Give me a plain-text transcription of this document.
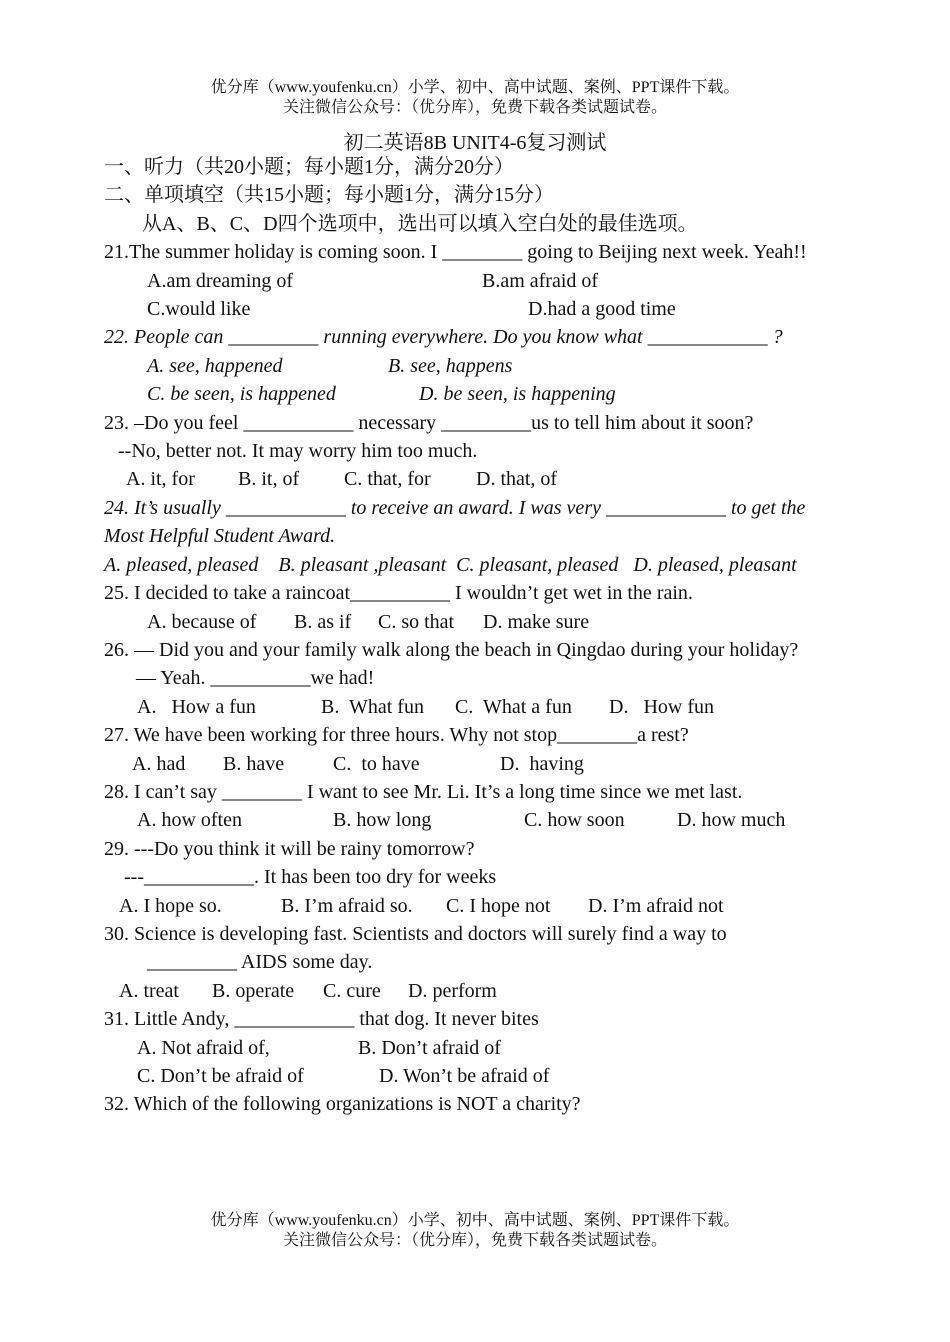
优分库（www.youfenku.cn）小学、初中、高中试题、案例、PPT课件下载。
关注微信公众号：（优分库），免费下载各类试题试卷。
初二英语8B UNIT4-6复习测试

一、听力（共20小题；每小题1分，满分20分）

二、单项填空（共15小题；每小题1分，满分15分）

从A、B、C、D四个选项中，选出可以填入空白处的最佳选项。

21.The summer holiday is coming soon. I ________ going to Beijing next week. Yeah!!

A.am dreaming of	B.am afraid of
C.would like	D.had a good time

22. People can _________ running everywhere. Do you know what ____________ ?

A. see, happened	B. see, happens
C. be seen, is happened	D. be seen, is happening

23. –Do you feel ___________ necessary _________us to tell him about it soon?

--No, better not. It may worry him too much.

A. it, for	B. it, of	C. that, for	D. that, of

24. It’s usually ____________ to receive an award. I was very ____________ to get the Most Helpful Student Award.

A. pleased, pleased    B. pleasant ,pleasant  C. pleasant, pleased   D. pleased, pleasant

25. I decided to take a raincoat__________ I wouldn’t get wet in the rain.

A. because of	B. as if	C. so that	D. make sure

26. — Did you and your family walk along the beach in Qingdao during your holiday?

— Yeah. __________we had!

A.   How a fun	B.  What fun	C.  What a fun	D.   How fun

27. We have been working for three hours. Why not stop________a rest?

A. had	B. have	C.  to have	D.  having

28. I can’t say ________ I want to see Mr. Li. It’s a long time since we met last.

A. how often	B. how long	C. how soon	D. how much

29. ---Do you think it will be rainy tomorrow?

---___________. It has been too dry for weeks

A. I hope so.	B. I’m afraid so.	C. I hope not	D. I’m afraid not

30. Science is developing fast. Scientists and doctors will surely find a way to

_________ AIDS some day.

A. treat	B. operate	C. cure	D. perform

31. Little Andy, ____________ that dog. It never bites

A. Not afraid of,	B. Don’t afraid of
C. Don’t be afraid of	D. Won’t be afraid of

32. Which of the following organizations is NOT a charity?

优分库（www.youfenku.cn）小学、初中、高中试题、案例、PPT课件下载。
关注微信公众号：（优分库），免费下载各类试题试卷。
